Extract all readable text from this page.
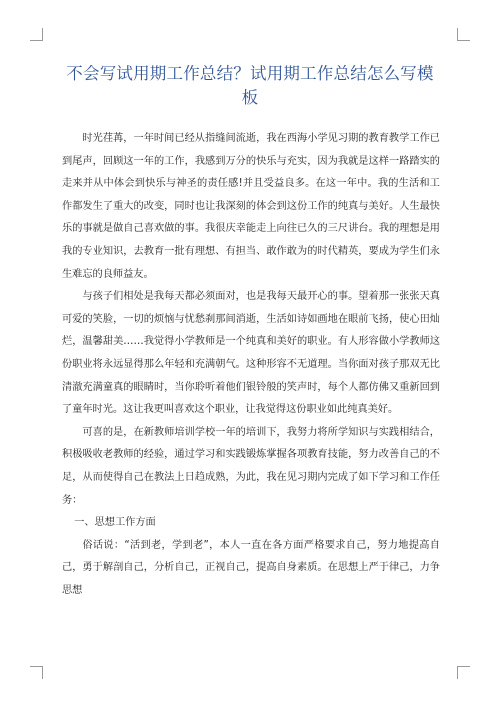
不会写试用期工作总结？试用期工作总结怎么写模板

时光荏苒，一年时间已经从指缝间流逝，我在西海小学见习期的教育教学工作已到尾声，回顾这一年的工作，我感到万分的快乐与充实，因为我就是这样一路踏实的走来并从中体会到快乐与神圣的责任感!并且受益良多。在这一年中。我的生活和工作都发生了重大的改变，同时也让我深刻的体会到这份工作的纯真与美好。人生最快乐的事就是做自己喜欢做的事。我很庆幸能走上向往已久的三尺讲台。我的理想是用我的专业知识，去教育一批有理想、有担当、敢作敢为的时代精英，要成为学生们永生难忘的良师益友。

与孩子们相处是我每天都必须面对，也是我每天最开心的事。望着那一张张天真可爱的笑脸，一切的烦恼与忧愁刹那间消逝，生活如诗如画地在眼前飞扬，使心田灿烂，温馨甜美……我觉得小学教师是一个纯真和美好的职业。有人形容做小学教师这份职业将永远显得那么年轻和充满朝气。这种形容不无道理。当你面对孩子那双无比清澈充满童真的眼睛时，当你聆听着他们银铃般的笑声时，每个人都仿佛又重新回到了童年时光。这让我更叫喜欢这个职业，让我觉得这份职业如此纯真美好。

可喜的是，在新教师培训学校一年的培训下，我努力将所学知识与实践相结合，积极吸收老教师的经验，通过学习和实践锻炼掌握各项教育技能，努力改善自己的不足，从而使得自己在教法上日趋成熟，为此，我在见习期内完成了如下学习和工作任务：

一、思想工作方面

俗话说：“活到老，学到老”，本人一直在各方面严格要求自己，努力地提高自己，勇于解剖自己，分析自己，正视自己，提高自身素质。在思想上严于律己，力争思想
